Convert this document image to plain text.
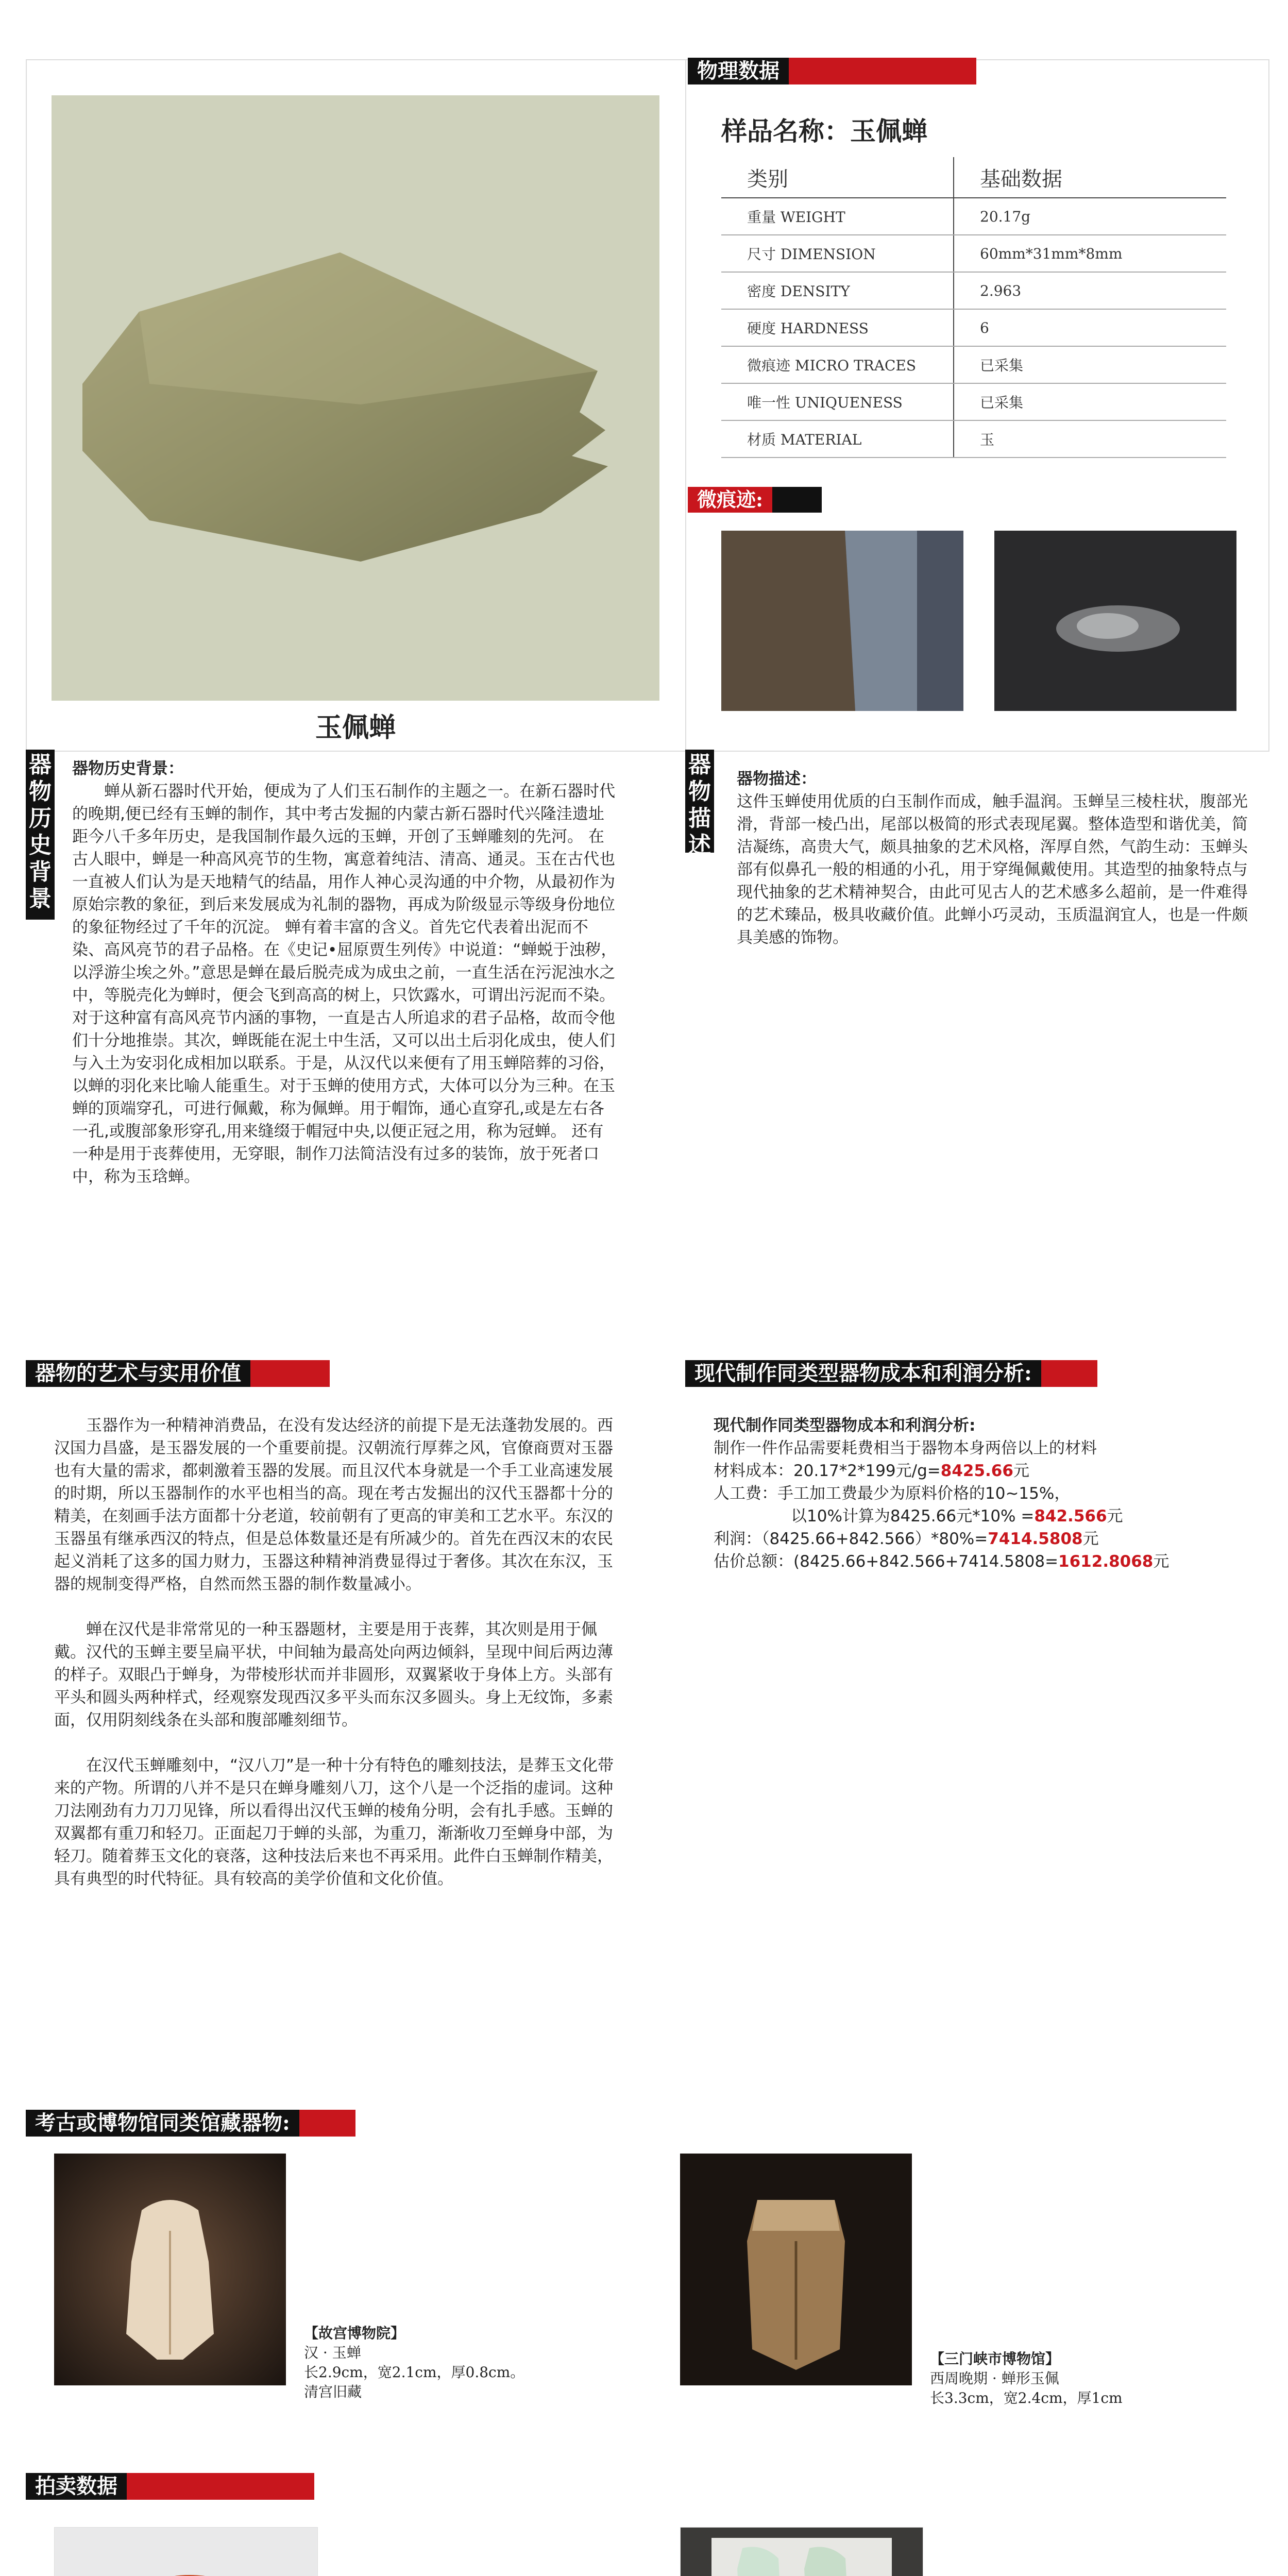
玉佩蝉
物理数据
样品名称：玉佩蝉
类别	基础数据
重量 WEIGHT	20.17g
尺寸 DIMENSION	60mm*31mm*8mm
密度 DENSITY	2.963
硬度 HARDNESS	6
微痕迹 MICRO TRACES	已采集
唯一性 UNIQUENESS	已采集
材质 MATERIAL	玉
微痕迹:
器物历史背景
器物历史背景：
蝉从新石器时代开始，便成为了人们玉石制作的主题之一。在新石器时代的晚期,便已经有玉蝉的制作，其中考古发掘的内蒙古新石器时代兴隆洼遗址距今八千多年历史，是我国制作最久远的玉蝉，开创了玉蝉雕刻的先河。 在古人眼中，蝉是一种高风亮节的生物，寓意着纯洁、清高、通灵。玉在古代也一直被人们认为是天地精气的结晶，用作人神心灵沟通的中介物，从最初作为原始宗教的象征，到后来发展成为礼制的器物，再成为阶级显示等级身份地位的象征物经过了千年的沉淀。 蝉有着丰富的含义。首先它代表着出泥而不染、高风亮节的君子品格。在《史记•屈原贾生列传》中说道：“蝉蜕于浊秽，以浮游尘埃之外。”意思是蝉在最后脱壳成为成虫之前，一直生活在污泥浊水之中，等脱壳化为蝉时，便会飞到高高的树上，只饮露水，可谓出污泥而不染。对于这种富有高风亮节内涵的事物，一直是古人所追求的君子品格，故而令他们十分地推崇。其次，蝉既能在泥土中生活，又可以出土后羽化成虫，使人们与入土为安羽化成相加以联系。于是，从汉代以来便有了用玉蝉陪葬的习俗，以蝉的羽化来比喻人能重生。对于玉蝉的使用方式，大体可以分为三种。在玉蝉的顶端穿孔，可进行佩戴，称为佩蝉。用于帽饰，通心直穿孔,或是左右各一孔,或腹部象形穿孔,用来缝缀于帽冠中央,以便正冠之用，称为冠蝉。 还有一种是用于丧葬使用，无穿眼，制作刀法简洁没有过多的装饰，放于死者口中，称为玉琀蝉。
器物描述
器物描述：
这件玉蝉使用优质的白玉制作而成，触手温润。玉蝉呈三棱柱状，腹部光滑，背部一棱凸出，尾部以极简的形式表现尾翼。整体造型和谐优美，简洁凝练，高贵大气，颇具抽象的艺术风格，浑厚自然，气韵生动：玉蝉头部有似鼻孔一般的相通的小孔，用于穿绳佩戴使用。其造型的抽象特点与现代抽象的艺术精神契合，由此可见古人的艺术感多么超前，是一件难得的艺术臻品，极具收藏价值。此蝉小巧灵动，玉质温润宜人，也是一件颇具美感的饰物。
器物的艺术与实用价值

玉器作为一种精神消费品，在没有发达经济的前提下是无法蓬勃发展的。西汉国力昌盛，是玉器发展的一个重要前提。汉朝流行厚葬之风，官僚商贾对玉器也有大量的需求，都刺激着玉器的发展。而且汉代本身就是一个手工业高速发展的时期，所以玉器制作的水平也相当的高。现在考古发掘出的汉代玉器都十分的精美，在刻画手法方面都十分老道，较前朝有了更高的审美和工艺水平。东汉的玉器虽有继承西汉的特点，但是总体数量还是有所减少的。首先在西汉末的农民起义消耗了这多的国力财力，玉器这种精神消费显得过于奢侈。其次在东汉，玉器的规制变得严格，自然而然玉器的制作数量减小。

蝉在汉代是非常常见的一种玉器题材，主要是用于丧葬，其次则是用于佩戴。汉代的玉蝉主要呈扁平状，中间轴为最高处向两边倾斜，呈现中间后两边薄的样子。双眼凸于蝉身，为带棱形状而并非圆形，双翼紧收于身体上方。头部有平头和圆头两种样式，经观察发现西汉多平头而东汉多圆头。身上无纹饰，多素面，仅用阴刻线条在头部和腹部雕刻细节。

在汉代玉蝉雕刻中，“汉八刀”是一种十分有特色的雕刻技法，是葬玉文化带来的产物。所谓的八并不是只在蝉身雕刻八刀，这个八是一个泛指的虚词。这种刀法刚劲有力刀刀见锋，所以看得出汉代玉蝉的棱角分明，会有扎手感。玉蝉的双翼都有重刀和轻刀。正面起刀于蝉的头部，为重刀，渐渐收刀至蝉身中部，为轻刀。随着葬玉文化的衰落，这种技法后来也不再采用。此件白玉蝉制作精美，具有典型的时代特征。具有较高的美学价值和文化价值。

现代制作同类型器物成本和利润分析:
现代制作同类型器物成本和利润分析:
制作一件作品需要耗费相当于器物本身两倍以上的材料
材料成本：20.17*2*199元/g=8425.66元
人工费：手工加工费最少为原料价格的10~15%，
以10%计算为8425.66元*10% =842.566元
利润：（8425.66+842.566）*80%=7414.5808元
估价总额：(8425.66+842.566+7414.5808=1612.8068元
考古或博物馆同类馆藏器物:
【故宫博物院】
汉 · 玉蝉
长2.9cm，宽2.1cm，厚0.8cm。
清宫旧藏
【三门峡市博物馆】
西周晚期 · 蝉形玉佩
长3.3cm，宽2.4cm，厚1cm
拍卖数据
